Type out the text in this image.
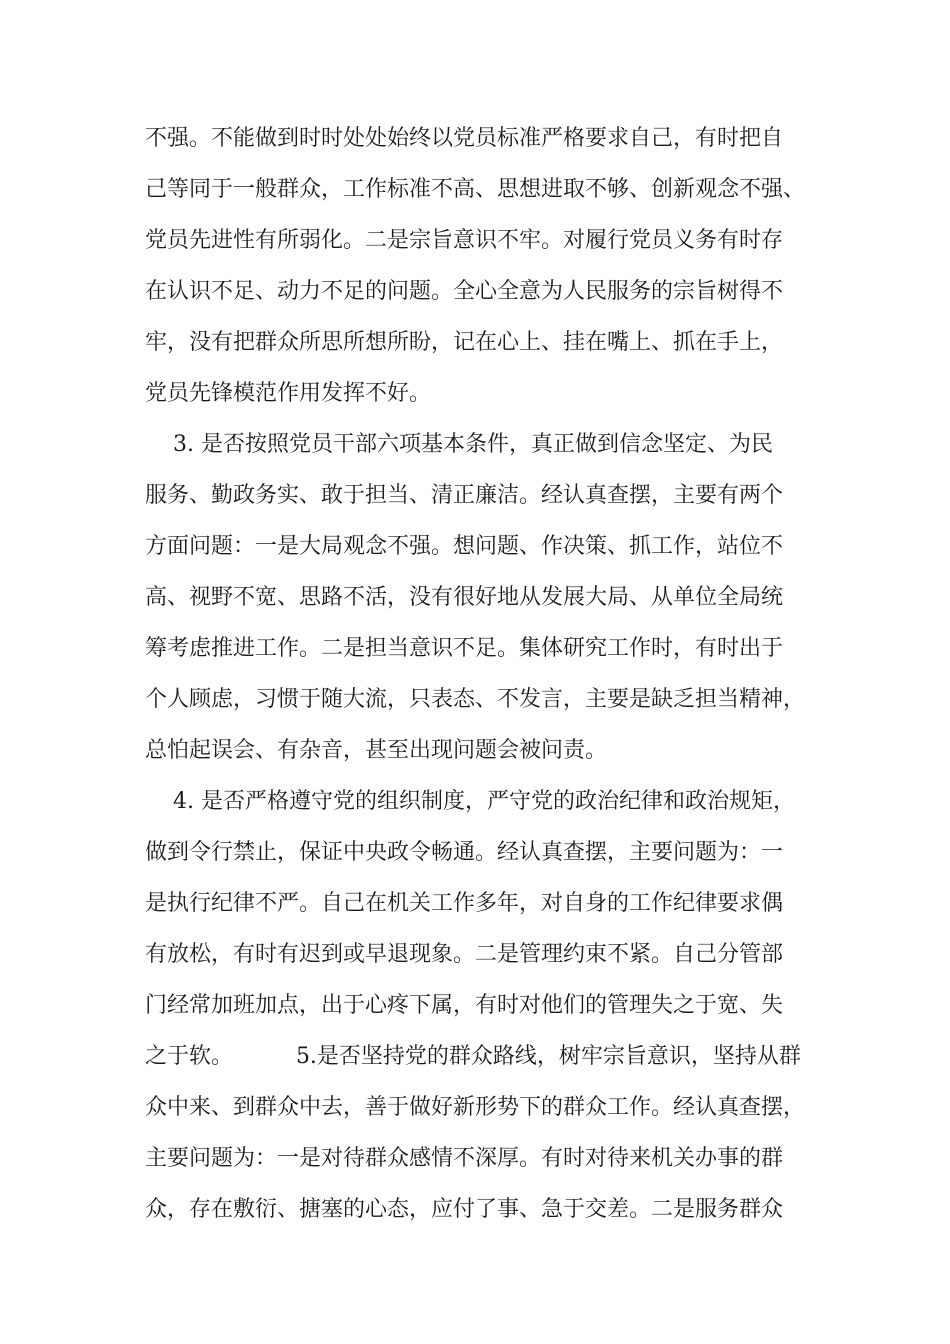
不强。不能做到时时处处始终以党员标准严格要求自己，有时把自
己等同于一般群众，工作标准不高、思想进取不够、创新观念不强、
党员先进性有所弱化。二是宗旨意识不牢。对履行党员义务有时存
在认识不足、动力不足的问题。全心全意为人民服务的宗旨树得不
牢，没有把群众所思所想所盼，记在心上、挂在嘴上、抓在手上，
党员先锋模范作用发挥不好。
3. 是否按照党员干部六项基本条件，真正做到信念坚定、为民
服务、勤政务实、敢于担当、清正廉洁。经认真查摆，主要有两个
方面问题：一是大局观念不强。想问题、作决策、抓工作，站位不
高、视野不宽、思路不活，没有很好地从发展大局、从单位全局统
筹考虑推进工作。二是担当意识不足。集体研究工作时，有时出于
个人顾虑，习惯于随大流，只表态、不发言，主要是缺乏担当精神，
总怕起误会、有杂音，甚至出现问题会被问责。
4. 是否严格遵守党的组织制度，严守党的政治纪律和政治规矩，
做到令行禁止，保证中央政令畅通。经认真查摆，主要问题为：一
是执行纪律不严。自己在机关工作多年，对自身的工作纪律要求偶
有放松，有时有迟到或早退现象。二是管理约束不紧。自己分管部
门经常加班加点，出于心疼下属，有时对他们的管理失之于宽、失
之于软。         5.是否坚持党的群众路线，树牢宗旨意识，坚持从群
众中来、到群众中去，善于做好新形势下的群众工作。经认真查摆，
主要问题为：一是对待群众感情不深厚。有时对待来机关办事的群
众，存在敷衍、搪塞的心态，应付了事、急于交差。二是服务群众
